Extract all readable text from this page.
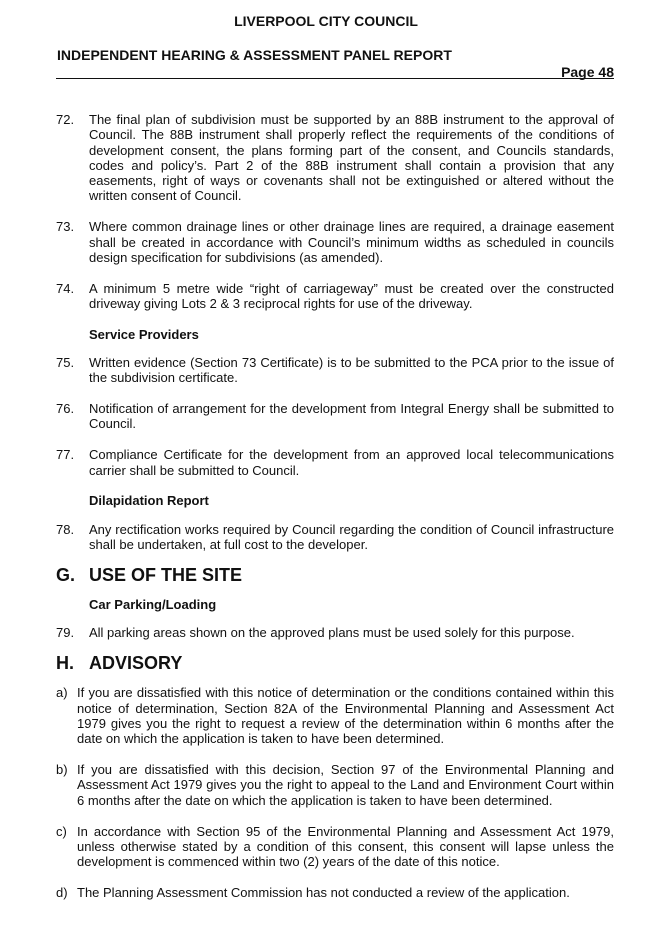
LIVERPOOL CITY COUNCIL
INDEPENDENT HEARING & ASSESSMENT PANEL REPORT
Page 48
72.	The final plan of subdivision must be supported by an 88B instrument to the approval of Council. The 88B instrument shall properly reflect the requirements of the conditions of development consent, the plans forming part of the consent, and Councils standards, codes and policy’s. Part 2 of the 88B instrument shall contain a provision that any easements, right of ways or covenants shall not be extinguished or altered without the written consent of Council.
73.	Where common drainage lines or other drainage lines are required, a drainage easement shall be created in accordance with Council’s minimum widths as scheduled in councils design specification for subdivisions (as amended).
74.	A minimum 5 metre wide “right of carriageway” must be created over the constructed driveway giving Lots 2 & 3 reciprocal rights for use of the driveway.
Service Providers
75.	Written evidence (Section 73 Certificate) is to be submitted to the PCA prior to the issue of the subdivision certificate.
76.	Notification of arrangement for the development from Integral Energy shall be submitted to Council.
77.	Compliance Certificate for the development from an approved local telecommunications carrier shall be submitted to Council.
Dilapidation Report
78.	Any rectification works required by Council regarding the condition of Council infrastructure shall be undertaken, at full cost to the developer.
G. USE OF THE SITE
Car Parking/Loading
79.	All parking areas shown on the approved plans must be used solely for this purpose.
H. ADVISORY
a) If you are dissatisfied with this notice of determination or the conditions contained within this notice of determination, Section 82A of the Environmental Planning and Assessment Act 1979 gives you the right to request a review of the determination within 6 months after the date on which the application is taken to have been determined.
b) If you are dissatisfied with this decision, Section 97 of the Environmental Planning and Assessment Act 1979 gives you the right to appeal to the Land and Environment Court within 6 months after the date on which the application is taken to have been determined.
c) In accordance with Section 95 of the Environmental Planning and Assessment Act 1979, unless otherwise stated by a condition of this consent, this consent will lapse unless the development is commenced within two (2) years of the date of this notice.
d) The Planning Assessment Commission has not conducted a review of the application.
